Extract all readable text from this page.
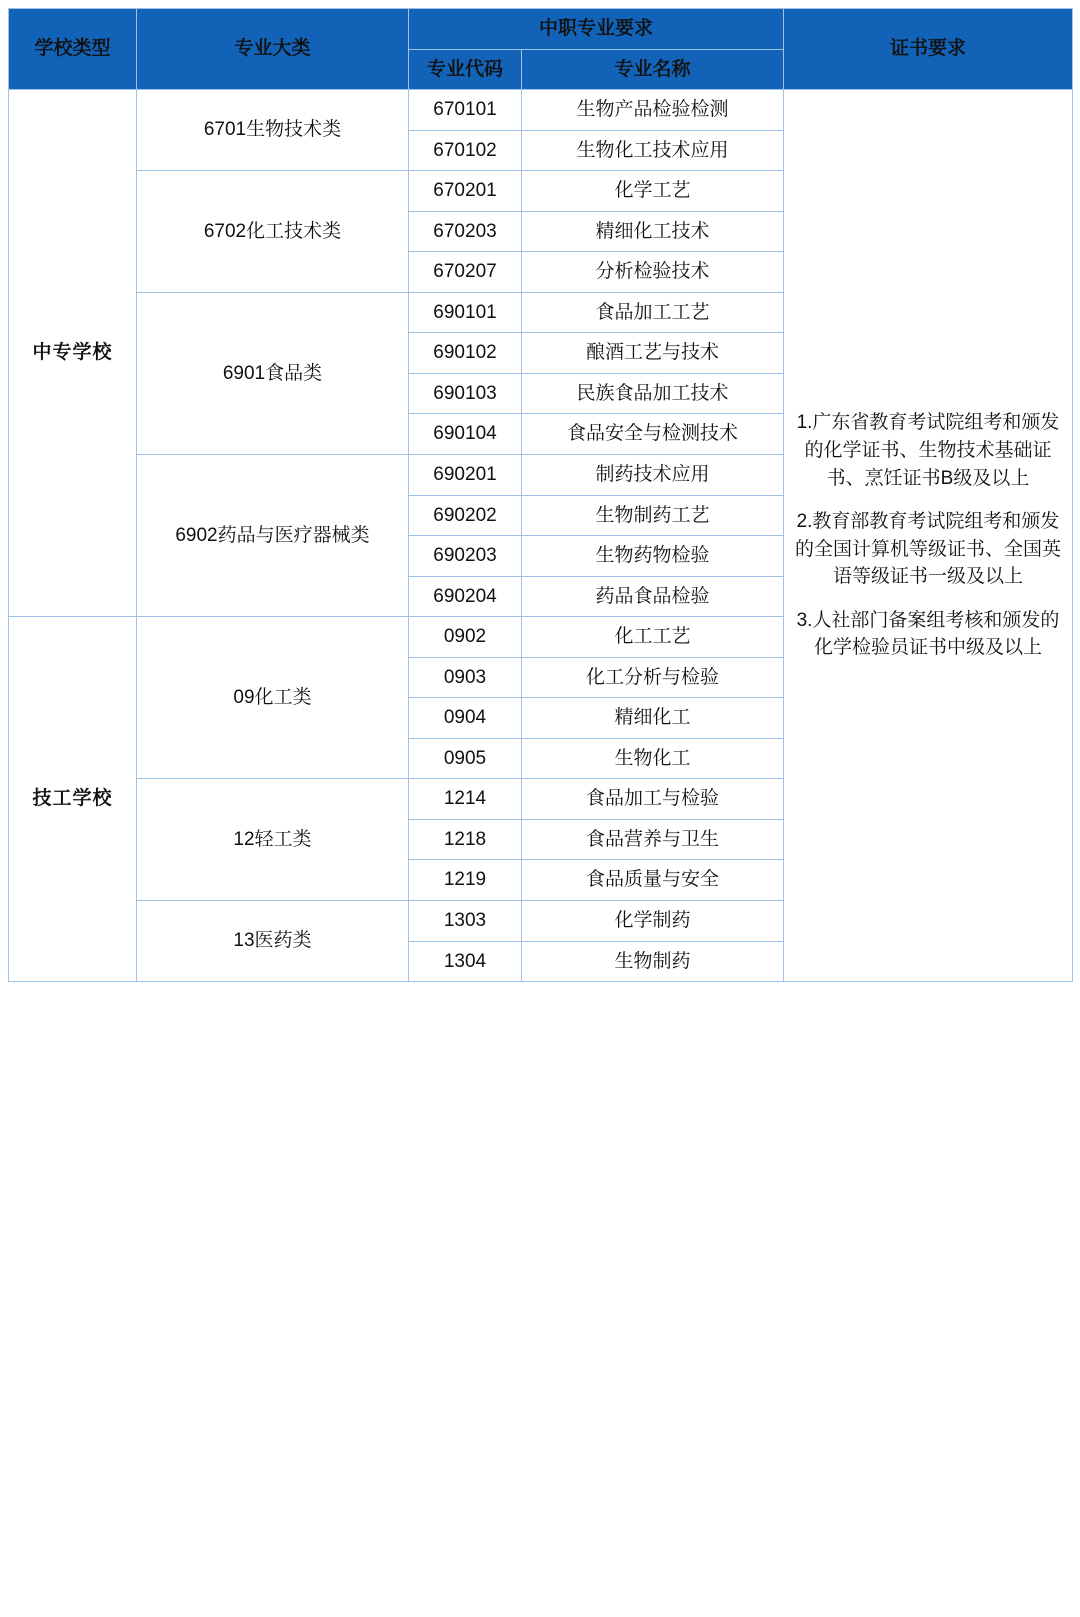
学校类型	专业大类	中职专业要求		证书要求
		专业代码	专业名称	
中专学校	6701生物技术类	670101	生物产品检验检测	1.广东省教育考试院组考和颁发的化学证书、生物技术基础证书、烹饪证书B级及以上
2.教育部教育考试院组考和颁发的全国计算机等级证书、全国英语等级证书一级及以上
3.人社部门备案组考核和颁发的化学检验员证书中级及以上

		670102	生物化工技术应用	
	6702化工技术类	670201	化学工艺	
		670203	精细化工技术	
		670207	分析检验技术	
	6901食品类	690101	食品加工工艺	
		690102	酿酒工艺与技术	
		690103	民族食品加工技术	
		690104	食品安全与检测技术	
	6902药品与医疗器械类	690201	制药技术应用	
		690202	生物制药工艺	
		690203	生物药物检验	
		690204	药品食品检验	
技工学校	09化工类	0902	化工工艺	
		0903	化工分析与检验	
		0904	精细化工	
		0905	生物化工	
	12轻工类	1214	食品加工与检验	
		1218	食品营养与卫生	
		1219	食品质量与安全	
	13医药类	1303	化学制药	
		1304	生物制药	
